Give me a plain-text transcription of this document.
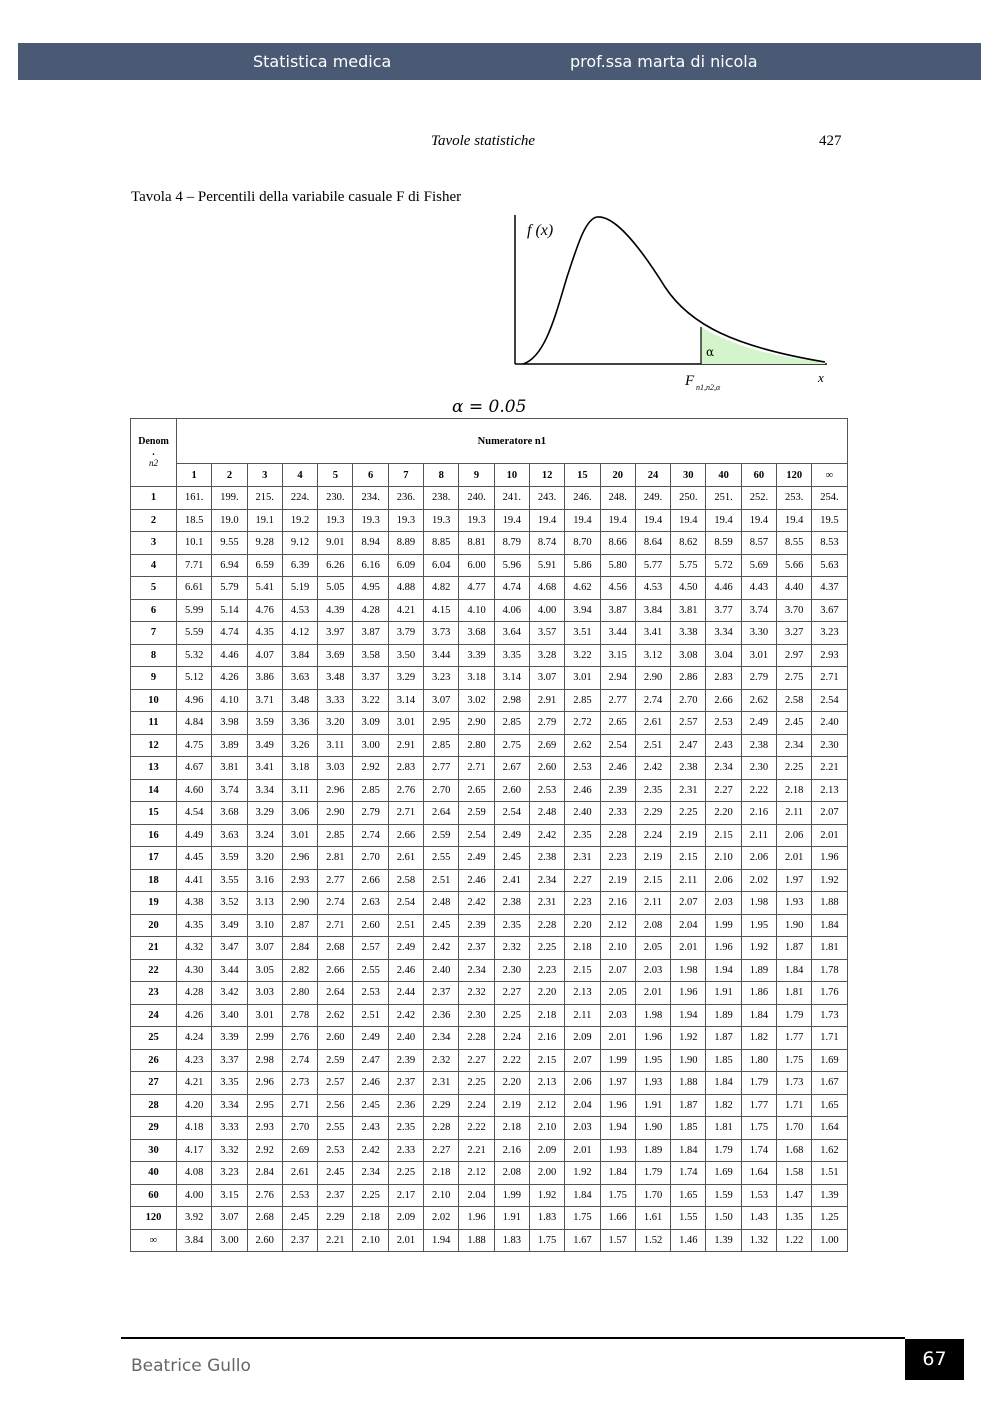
Statistica medica	prof.ssa marta di nicola
Tavole statistiche	427
Tavola 4 – Percentili della variabile casuale F di Fisher
f (x)
α
x
F n1,n2,α
α = 0.05
Denom
.
n2	Numeratore n1																		
	1	2	3	4	5	6	7	8	9	10	12	15	20	24	30	40	60	120	∞
1	161.	199.	215.	224.	230.	234.	236.	238.	240.	241.	243.	246.	248.	249.	250.	251.	252.	253.	254.
2	18.5	19.0	19.1	19.2	19.3	19.3	19.3	19.3	19.3	19.4	19.4	19.4	19.4	19.4	19.4	19.4	19.4	19.4	19.5
3	10.1	9.55	9.28	9.12	9.01	8.94	8.89	8.85	8.81	8.79	8.74	8.70	8.66	8.64	8.62	8.59	8.57	8.55	8.53
4	7.71	6.94	6.59	6.39	6.26	6.16	6.09	6.04	6.00	5.96	5.91	5.86	5.80	5.77	5.75	5.72	5.69	5.66	5.63
5	6.61	5.79	5.41	5.19	5.05	4.95	4.88	4.82	4.77	4.74	4.68	4.62	4.56	4.53	4.50	4.46	4.43	4.40	4.37
6	5.99	5.14	4.76	4.53	4.39	4.28	4.21	4.15	4.10	4.06	4.00	3.94	3.87	3.84	3.81	3.77	3.74	3.70	3.67
7	5.59	4.74	4.35	4.12	3.97	3.87	3.79	3.73	3.68	3.64	3.57	3.51	3.44	3.41	3.38	3.34	3.30	3.27	3.23
8	5.32	4.46	4.07	3.84	3.69	3.58	3.50	3.44	3.39	3.35	3.28	3.22	3.15	3.12	3.08	3.04	3.01	2.97	2.93
9	5.12	4.26	3.86	3.63	3.48	3.37	3.29	3.23	3.18	3.14	3.07	3.01	2.94	2.90	2.86	2.83	2.79	2.75	2.71
10	4.96	4.10	3.71	3.48	3.33	3.22	3.14	3.07	3.02	2.98	2.91	2.85	2.77	2.74	2.70	2.66	2.62	2.58	2.54
11	4.84	3.98	3.59	3.36	3.20	3.09	3.01	2.95	2.90	2.85	2.79	2.72	2.65	2.61	2.57	2.53	2.49	2.45	2.40
12	4.75	3.89	3.49	3.26	3.11	3.00	2.91	2.85	2.80	2.75	2.69	2.62	2.54	2.51	2.47	2.43	2.38	2.34	2.30
13	4.67	3.81	3.41	3.18	3.03	2.92	2.83	2.77	2.71	2.67	2.60	2.53	2.46	2.42	2.38	2.34	2.30	2.25	2.21
14	4.60	3.74	3.34	3.11	2.96	2.85	2.76	2.70	2.65	2.60	2.53	2.46	2.39	2.35	2.31	2.27	2.22	2.18	2.13
15	4.54	3.68	3.29	3.06	2.90	2.79	2.71	2.64	2.59	2.54	2.48	2.40	2.33	2.29	2.25	2.20	2.16	2.11	2.07
16	4.49	3.63	3.24	3.01	2.85	2.74	2.66	2.59	2.54	2.49	2.42	2.35	2.28	2.24	2.19	2.15	2.11	2.06	2.01
17	4.45	3.59	3.20	2.96	2.81	2.70	2.61	2.55	2.49	2.45	2.38	2.31	2.23	2.19	2.15	2.10	2.06	2.01	1.96
18	4.41	3.55	3.16	2.93	2.77	2.66	2.58	2.51	2.46	2.41	2.34	2.27	2.19	2.15	2.11	2.06	2.02	1.97	1.92
19	4.38	3.52	3.13	2.90	2.74	2.63	2.54	2.48	2.42	2.38	2.31	2.23	2.16	2.11	2.07	2.03	1.98	1.93	1.88
20	4.35	3.49	3.10	2.87	2.71	2.60	2.51	2.45	2.39	2.35	2.28	2.20	2.12	2.08	2.04	1.99	1.95	1.90	1.84
21	4.32	3.47	3.07	2.84	2.68	2.57	2.49	2.42	2.37	2.32	2.25	2.18	2.10	2.05	2.01	1.96	1.92	1.87	1.81
22	4.30	3.44	3.05	2.82	2.66	2.55	2.46	2.40	2.34	2.30	2.23	2.15	2.07	2.03	1.98	1.94	1.89	1.84	1.78
23	4.28	3.42	3.03	2.80	2.64	2.53	2.44	2.37	2.32	2.27	2.20	2.13	2.05	2.01	1.96	1.91	1.86	1.81	1.76
24	4.26	3.40	3.01	2.78	2.62	2.51	2.42	2.36	2.30	2.25	2.18	2.11	2.03	1.98	1.94	1.89	1.84	1.79	1.73
25	4.24	3.39	2.99	2.76	2.60	2.49	2.40	2.34	2.28	2.24	2.16	2.09	2.01	1.96	1.92	1.87	1.82	1.77	1.71
26	4.23	3.37	2.98	2.74	2.59	2.47	2.39	2.32	2.27	2.22	2.15	2.07	1.99	1.95	1.90	1.85	1.80	1.75	1.69
27	4.21	3.35	2.96	2.73	2.57	2.46	2.37	2.31	2.25	2.20	2.13	2.06	1.97	1.93	1.88	1.84	1.79	1.73	1.67
28	4.20	3.34	2.95	2.71	2.56	2.45	2.36	2.29	2.24	2.19	2.12	2.04	1.96	1.91	1.87	1.82	1.77	1.71	1.65
29	4.18	3.33	2.93	2.70	2.55	2.43	2.35	2.28	2.22	2.18	2.10	2.03	1.94	1.90	1.85	1.81	1.75	1.70	1.64
30	4.17	3.32	2.92	2.69	2.53	2.42	2.33	2.27	2.21	2.16	2.09	2.01	1.93	1.89	1.84	1.79	1.74	1.68	1.62
40	4.08	3.23	2.84	2.61	2.45	2.34	2.25	2.18	2.12	2.08	2.00	1.92	1.84	1.79	1.74	1.69	1.64	1.58	1.51
60	4.00	3.15	2.76	2.53	2.37	2.25	2.17	2.10	2.04	1.99	1.92	1.84	1.75	1.70	1.65	1.59	1.53	1.47	1.39
120	3.92	3.07	2.68	2.45	2.29	2.18	2.09	2.02	1.96	1.91	1.83	1.75	1.66	1.61	1.55	1.50	1.43	1.35	1.25
∞	3.84	3.00	2.60	2.37	2.21	2.10	2.01	1.94	1.88	1.83	1.75	1.67	1.57	1.52	1.46	1.39	1.32	1.22	1.00
Beatrice Gullo	67
